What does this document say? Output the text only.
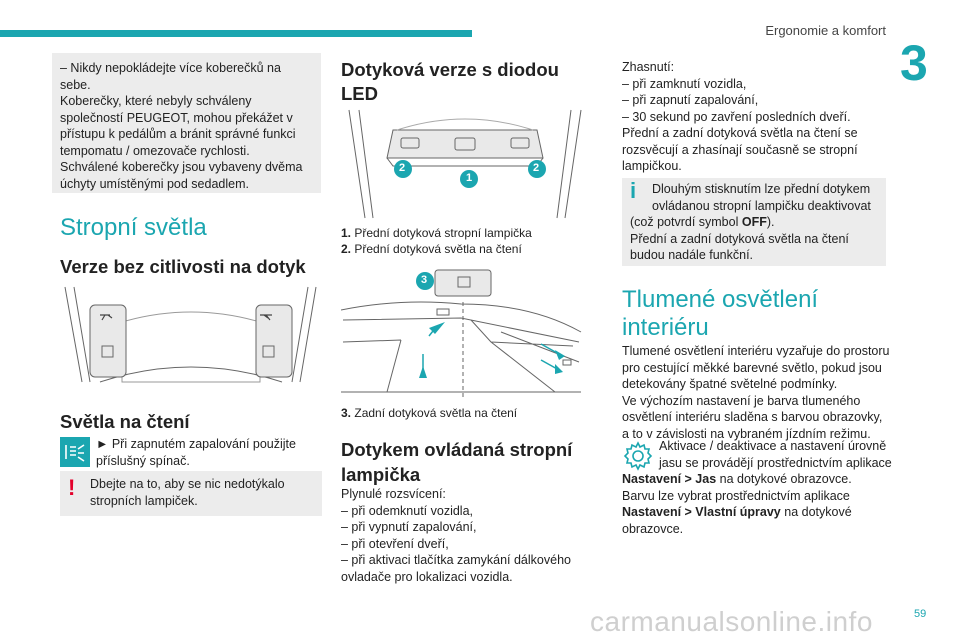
Ergonomie a komfort
3
59
carmanualsonline.info

– Nikdy nepokládejte více koberečků na

sebe.

Koberečky, které nebyly schváleny

společností PEUGEOT, mohou překážet v

přístupu k pedálům a bránit správné funkci

tempomatu / omezovače rychlosti.

Schválené koberečky jsou vybaveny dvěma

úchyty umístěnými pod sedadlem.

Stropní světla
Verze bez citlivosti na dotyk
Světla na čtení

► Při zapnutém zapalování použijte

příslušný spínač.

! Dbejte na to, aby se nic nedotýkalo

stropních lampiček.

Dotyková verze s diodou
LED
2
1
2
1. Přední dotyková stropní lampička
2. Přední dotyková světla na čtení
3
3. Zadní dotyková světla na čtení
Dotykem ovládaná stropní
lampička

Plynulé rozsvícení:

– při odemknutí vozidla,

– při vypnutí zapalování,

– při otevření dveří,

– při aktivaci tlačítka zamykání dálkového

ovladače pro lokalizaci vozidla.

Zhasnutí:

– při zamknutí vozidla,

– při zapnutí zapalování,

– 30 sekund po zavření posledních dveří.

Přední a zadní dotyková světla na čtení se

rozsvěcují a zhasínají současně se stropní

lampičkou.

i	Dlouhým stisknutím lze přední dotykem

ovládanou stropní lampičku deaktivovat

(což potvrdí symbol OFF).

Přední a zadní dotyková světla na čtení

budou nadále funkční.

Tlumené osvětlení
interiéru

Tlumené osvětlení interiéru vyzařuje do prostoru

pro cestující měkké barevné světlo, pokud jsou

detekovány špatné světelné podmínky.

Ve výchozím nastavení je barva tlumeného

osvětlení interiéru sladěna s barvou obrazovky,

a to v závislosti na vybraném jízdním režimu.

Aktivace / deaktivace a nastavení úrovně

jasu se provádějí prostřednictvím aplikace

Nastavení > Jas na dotykové obrazovce.

Barvu lze vybrat prostřednictvím aplikace

Nastavení > Vlastní úpravy na dotykové

obrazovce.
